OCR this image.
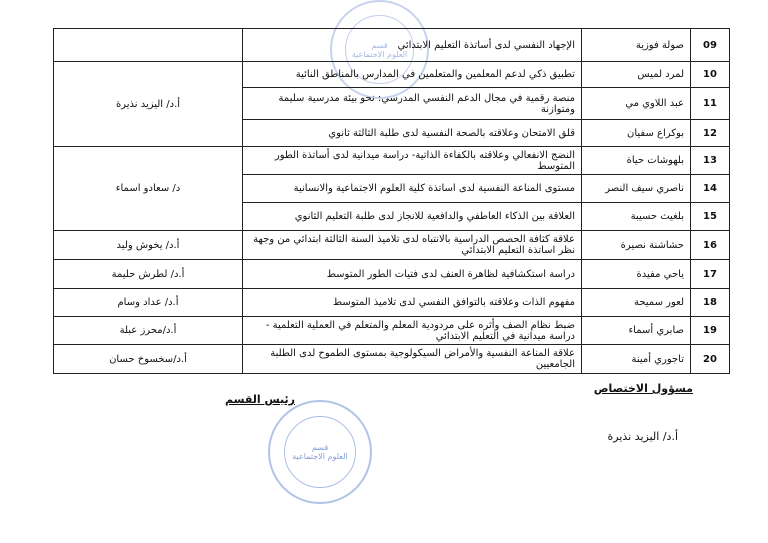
قسم
العلوم الاجتماعية
09	صولة فوزية	الإجهاد النفسي لدى أساتذة التعليم الابتدائي	
10	لمرد لميس	تطبيق ذكي لدعم المعلمين والمتعلمين في المدارس بالمناطق النائية	أ.د/ اليزيد نذيرة
11	عبد اللاوي مي	منصة رقمية في مجال الدعم النفسي المدرسي: نحو بيئة مدرسية سليمة ومتوازنة	
12	بوكراع سفيان	قلق الامتحان وعلاقته بالصحة النفسية لدى طلبة الثالثة ثانوي	
13	بلهوشات حياة	النضج الانفعالي وعلاقته بالكفاءة الذاتية- دراسة ميدانية لدى أساتذة الطور المتوسط	د/ سعادو اسماء
14	ناصري سيف النصر	مستوى المناعة النفسية لدى اساتذة كلية العلوم الاجتماعية والانسانية	
15	بلغيث حسيبة	العلاقة بين الذكاء العاطفي والدافعية للانجاز لدى طلبة التعليم الثانوي	
16	حشاشنة نصيرة	علاقة كثافة الحصص الدراسية بالانتباه لدى تلاميذ السنة الثالثة ابتدائي من وجهة نظر اساتذة التعليم الابتدائي	أ.د/ يخوش وليد
17	ياحي مفيدة	دراسة استكشافية لظاهرة العنف لدى فتيات الطور المتوسط	أ.د/ لطرش حليمة
18	لعور سميحة	مفهوم الذات وعلاقته بالتوافق النفسي لدى تلاميذ المتوسط	أ.د/ عداد وسام
19	صابري أسماء	ضبط نظام الصف وأثره على مردودية المعلم والمتعلم في العملية التعلمية - دراسة ميدانية في التعليم الابتدائي	أ.د/محرز عبلة
20	تاجوري أمينة	علاقة المناعة النفسية والأمراض السيكولوجية بمستوى الطموح لدى الطلبة الجامعيين	أ.د/سخسوخ حسان
مسؤول الاختصاص
رئيس القسم
أ.د/ اليزيد نذيرة
قسم
العلوم الاجتماعية
